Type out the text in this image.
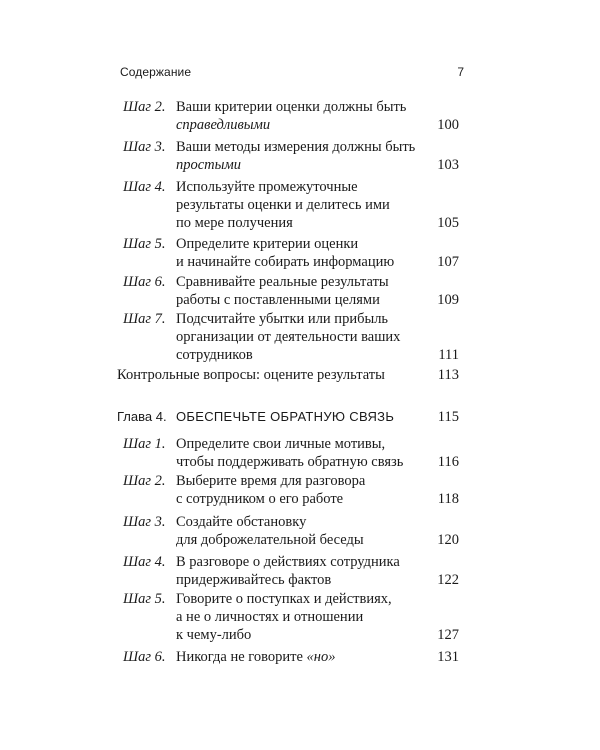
Содержание	7
Шаг 2. Ваши критерии оценки должны быть
справедливыми	100
Шаг 3. Ваши методы измерения должны быть
простыми	103
Шаг 4. Используйте промежуточные
результаты оценки и делитесь ими
по мере получения	105
Шаг 5. Определите критерии оценки
и начинайте собирать информацию	107
Шаг 6. Сравнивайте реальные результаты
работы с поставленными целями	109
Шаг 7. Подсчитайте убытки или прибыль
организации от деятельности ваших
сотрудников	111
Контрольные вопросы: оцените результаты	113
Глава 4. ОБЕСПЕЧЬТЕ ОБРАТНУЮ СВЯЗЬ	115
Шаг 1. Определите свои личные мотивы,
чтобы поддерживать обратную связь	116
Шаг 2. Выберите время для разговора
с сотрудником о его работе	118
Шаг 3. Создайте обстановку
для доброжелательной беседы	120
Шаг 4. В разговоре о действиях сотрудника
придерживайтесь фактов	122
Шаг 5. Говорите о поступках и действиях,
а не о личностях и отношении
к чему-либо	127
Шаг 6. Никогда не говорите «но»	131
